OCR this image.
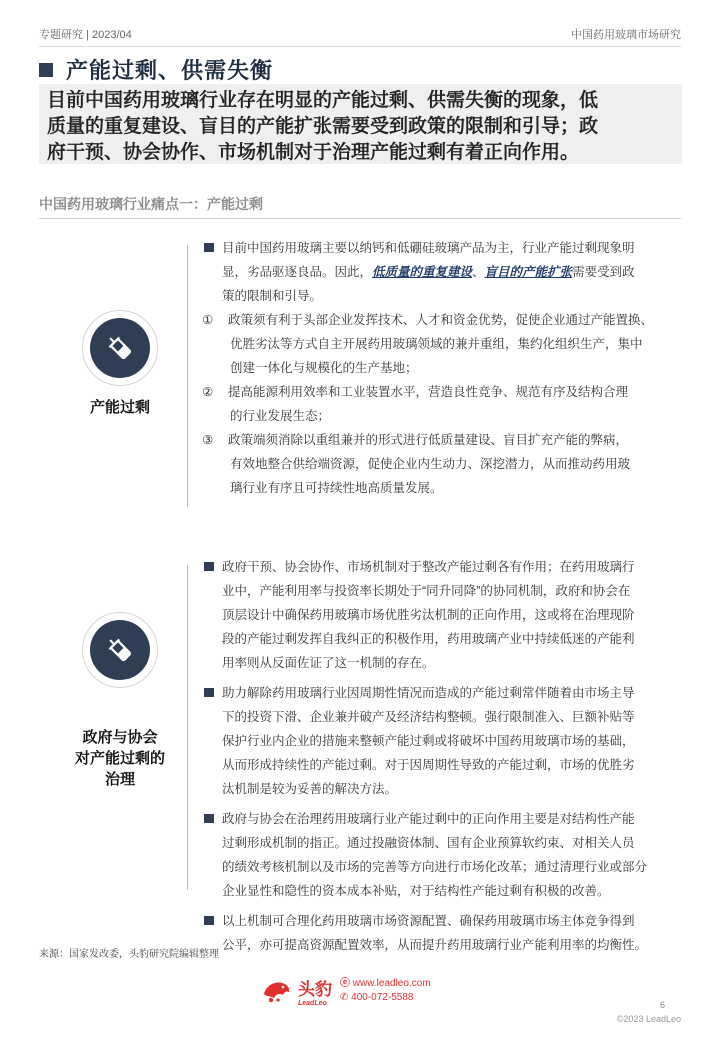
专题研究 | 2023/04	中国药用玻璃市场研究
产能过剩、供需失衡
目前中国药用玻璃行业存在明显的产能过剩、供需失衡的现象，低
质量的重复建设、盲目的产能扩张需要受到政策的限制和引导；政
府干预、协会协作、市场机制对于治理产能过剩有着正向作用。
中国药用玻璃行业痛点一：产能过剩
产能过剩
目前中国药用玻璃主要以纳钙和低硼硅玻璃产品为主，行业产能过剩现象明
显，劣品驱逐良品。因此，低质量的重复建设、盲目的产能扩张需要受到政
策的限制和引导。
① 政策须有利于头部企业发挥技术、人才和资金优势，促使企业通过产能置换、
优胜劣汰等方式自主开展药用玻璃领域的兼并重组，集约化组织生产，集中
创建一体化与规模化的生产基地；
② 提高能源利用效率和工业装置水平，营造良性竞争、规范有序及结构合理
的行业发展生态；
③ 政策端须消除以重组兼并的形式进行低质量建设、盲目扩充产能的弊病，
有效地整合供给端资源，促使企业内生动力、深挖潜力，从而推动药用玻
璃行业有序且可持续性地高质量发展。
政府与协会
对产能过剩的
治理
政府干预、协会协作、市场机制对于整改产能过剩各有作用；在药用玻璃行
业中，产能利用率与投资率长期处于“同升同降”的协同机制，政府和协会在
顶层设计中确保药用玻璃市场优胜劣汰机制的正向作用，这或将在治理现阶
段的产能过剩发挥自我纠正的积极作用，药用玻璃产业中持续低迷的产能利
用率则从反面佐证了这一机制的存在。
助力解除药用玻璃行业因周期性情况而造成的产能过剩常伴随着由市场主导
下的投资下滑、企业兼并破产及经济结构整顿。强行限制准入、巨额补贴等
保护行业内企业的措施来整顿产能过剩或将破坏中国药用玻璃市场的基础，
从而形成持续性的产能过剩。对于因周期性导致的产能过剩，市场的优胜劣
汰机制是较为妥善的解决方法。
政府与协会在治理药用玻璃行业产能过剩中的正向作用主要是对结构性产能
过剩形成机制的指正。通过投融资体制、国有企业预算软约束、对相关人员
的绩效考核机制以及市场的完善等方向进行市场化改革；通过清理行业或部分
企业显性和隐性的资本成本补贴，对于结构性产能过剩有积极的改善。
以上机制可合理化药用玻璃市场资源配置、确保药用玻璃市场主体竞争得到
公平，亦可提高资源配置效率，从而提升药用玻璃行业产能利用率的均衡性。
来源：国家发改委，头豹研究院编辑整理
头豹
LeadLeo
ⓔ www.leadleo.com
✆ 400-072-5588
6
©2023 LeadLeo
